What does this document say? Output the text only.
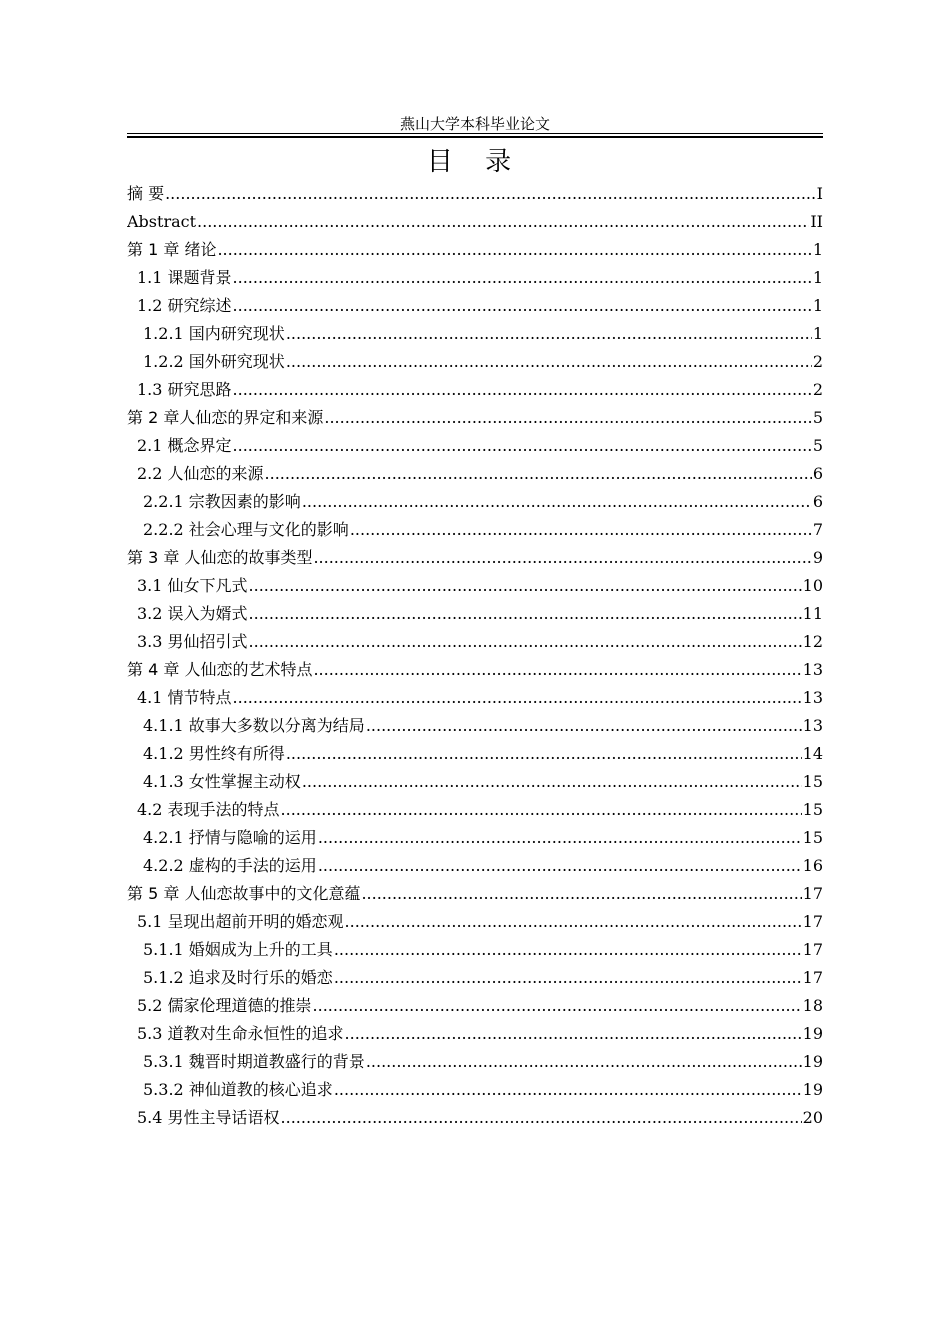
燕山大学本科毕业论文
目 录
摘 要 .....	I
Abstract .....	II
第 1 章 绪论 .....	1
1.1 课题背景 .....	1
1.2 研究综述 .....	1
1.2.1 国内研究现状 .....	1
1.2.2 国外研究现状 .....	2
1.3 研究思路 .....	2
第 2 章人仙恋的界定和来源 .....	5
2.1 概念界定 .....	5
2.2 人仙恋的来源 .....	6
2.2.1 宗教因素的影响 .....	6
2.2.2 社会心理与文化的影响 .....	7
第 3 章 人仙恋的故事类型 .....	9
3.1 仙女下凡式 .....	10
3.2 误入为婿式 .....	11
3.3 男仙招引式 .....	12
第 4 章 人仙恋的艺术特点 .....	13
4.1 情节特点 .....	13
4.1.1 故事大多数以分离为结局 .....	13
4.1.2 男性终有所得 .....	14
4.1.3 女性掌握主动权 .....	15
4.2 表现手法的特点 .....	15
4.2.1 抒情与隐喻的运用 .....	15
4.2.2 虚构的手法的运用 .....	16
第 5 章 人仙恋故事中的文化意蕴 .....	17
5.1 呈现出超前开明的婚恋观 .....	17
5.1.1 婚姻成为上升的工具 .....	17
5.1.2 追求及时行乐的婚恋 .....	17
5.2 儒家伦理道德的推崇 .....	18
5.3 道教对生命永恒性的追求 .....	19
5.3.1 魏晋时期道教盛行的背景 .....	19
5.3.2 神仙道教的核心追求 .....	19
5.4 男性主导话语权 .....	20
